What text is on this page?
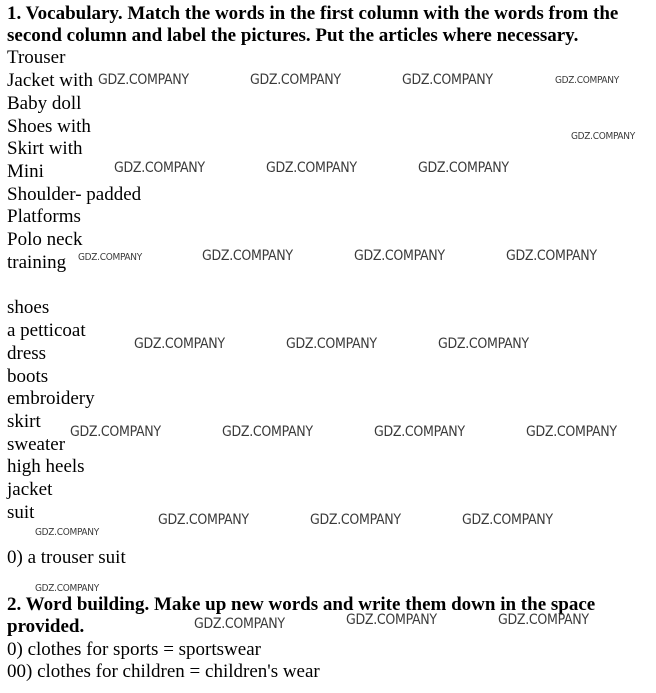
1. Vocabulary. Match the words in the first column with the words from the
second column and label the pictures. Put the articles where necessary.
Trouser
Jacket with
Baby doll
Shoes with
Skirt with
Mini
Shoulder- padded
Platforms
Polo neck
training
shoes
a petticoat
dress
boots
embroidery
skirt
sweater
high heels
jacket
suit
0) a trouser suit
2. Word building. Make up new words and write them down in the space
provided.
0) clothes for sports = sportswear
00) clothes for children = children's wear
GDZ.COMPANY	GDZ.COMPANY	GDZ.COMPANY	GDZ.COMPANY
GDZ.COMPANY
GDZ.COMPANY	GDZ.COMPANY	GDZ.COMPANY
GDZ.COMPANY	GDZ.COMPANY	GDZ.COMPANY	GDZ.COMPANY
GDZ.COMPANY	GDZ.COMPANY	GDZ.COMPANY
GDZ.COMPANY	GDZ.COMPANY	GDZ.COMPANY	GDZ.COMPANY
GDZ.COMPANY	GDZ.COMPANY	GDZ.COMPANY
GDZ.COMPANY
GDZ.COMPANY
GDZ.COMPANY	GDZ.COMPANY	GDZ.COMPANY
